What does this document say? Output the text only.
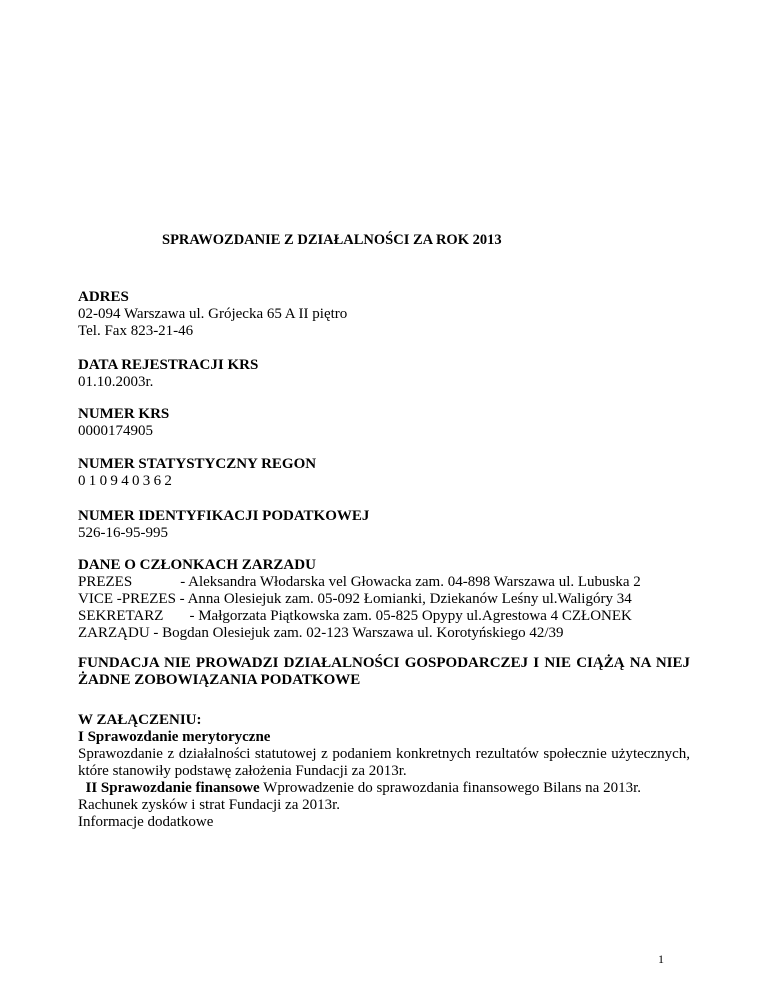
SPRAWOZDANIE Z DZIAŁALNOŚCI ZA ROK 2013
ADRES
02-094 Warszawa ul. Grójecka 65 A II piętro
Tel. Fax 823-21-46
DATA REJESTRACJI KRS
01.10.2003r.
NUMER KRS
0000174905
NUMER STATYSTYCZNY REGON
010940362
NUMER IDENTYFIKACJI PODATKOWEJ
526-16-95-995
DANE O CZŁONKACH ZARZADU
PREZES	- Aleksandra Włodarska vel Głowacka zam. 04-898 Warszawa ul. Lubuska 2
VICE -PREZES - Anna Olesiejuk zam. 05-092 Łomianki, Dziekanów Leśny ul.Waligóry 34
SEKRETARZ - Małgorzata Piątkowska zam. 05-825 Opypy ul.Agrestowa 4 CZŁONEK
ZARZĄDU - Bogdan Olesiejuk zam. 02-123 Warszawa ul. Korotyńskiego 42/39
FUNDACJA NIE PROWADZI DZIAŁALNOŚCI GOSPODARCZEJ I NIE CIĄŻĄ NA NIEJ ŻADNE ZOBOWIĄZANIA PODATKOWE
W ZAŁĄCZENIU:
I Sprawozdanie merytoryczne
Sprawozdanie z działalności statutowej z podaniem konkretnych rezultatów społecznie użytecznych, które stanowiły podstawę założenia Fundacji za 2013r.
II Sprawozdanie finansowe Wprowadzenie do sprawozdania finansowego Bilans na 2013r.
Rachunek zysków i strat Fundacji za 2013r.
Informacje dodatkowe
1
